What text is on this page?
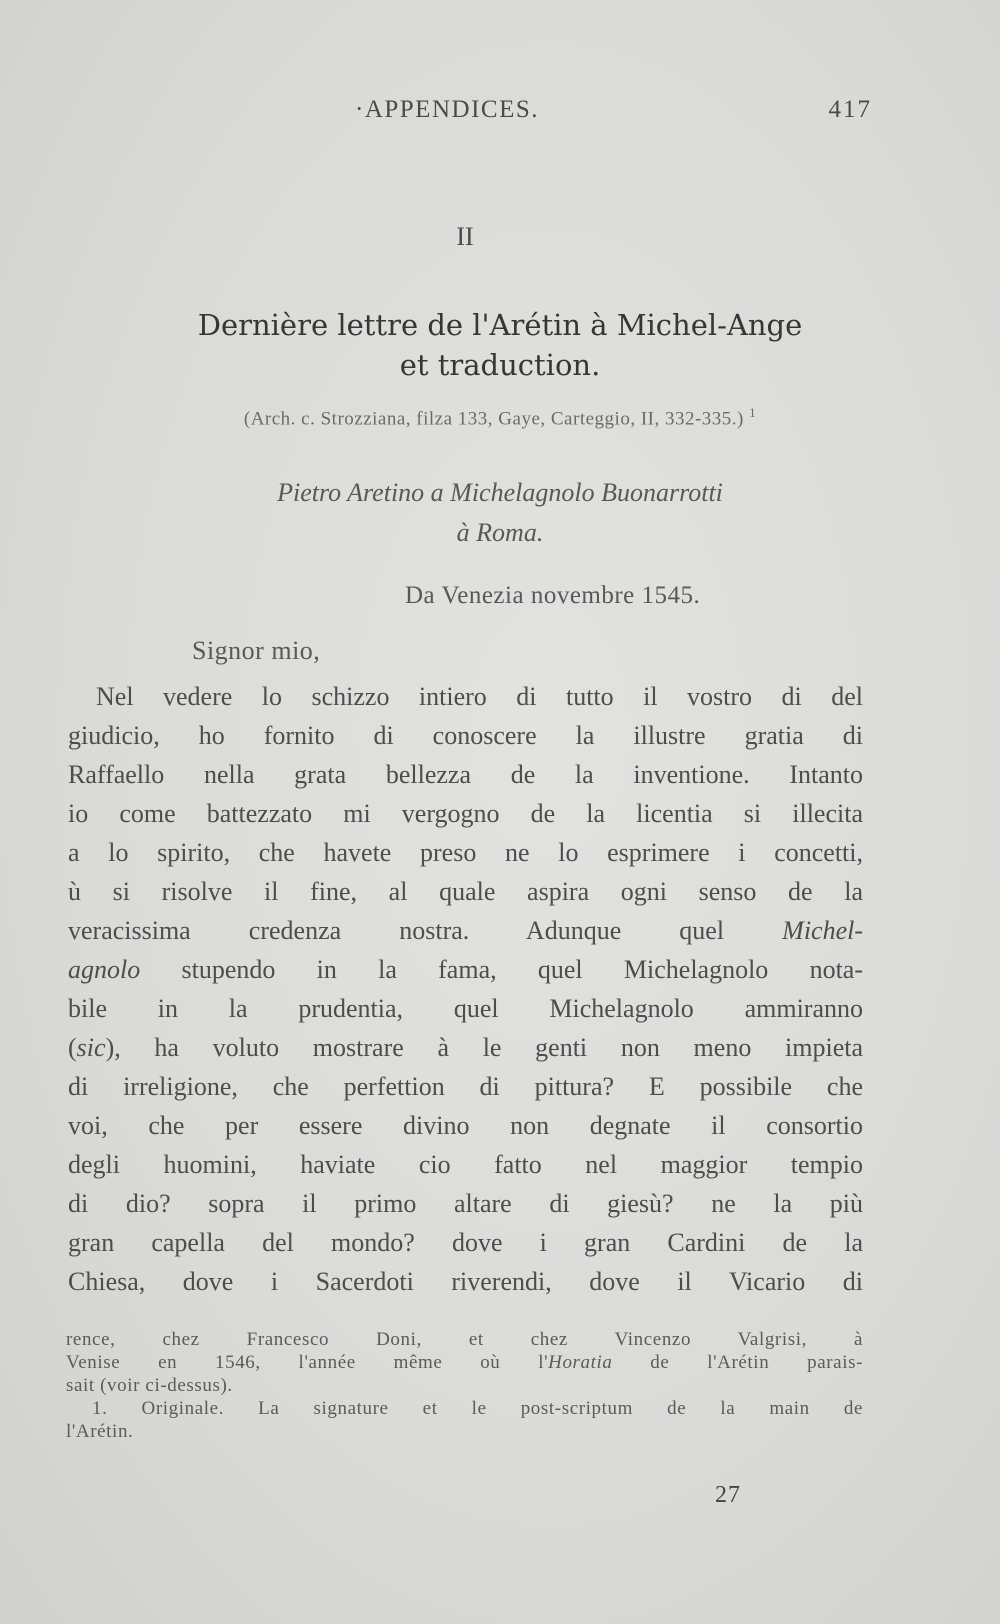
·APPENDICES.	417
II
Dernière lettre de l'Arétin à Michel-Ange
et traduction.
(Arch. c. Strozziana, filza 133, Gaye, Carteggio, II, 332-335.) $^1$
Pietro Aretino a Michelagnolo Buonarrotti
à Roma.
Da Venezia novembre 1545.
Signor mio,
Nel vedere lo schizzo intiero di tutto il vostro di del
giudicio, ho fornito di conoscere la illustre gratia di
Raffaello nella grata bellezza de la inventione. Intanto
io come battezzato mi vergogno de la licentia si illecita
a lo spirito, che havete preso ne lo esprimere i concetti,
ù si risolve il fine, al quale aspira ogni senso de la
veracissima credenza nostra. Adunque quel Michel-
agnolo stupendo in la fama, quel Michelagnolo nota-
bile in la prudentia, quel Michelagnolo ammiranno
(sic), ha voluto mostrare à le genti non meno impieta
di irreligione, che perfettion di pittura? E possibile che
voi, che per essere divino non degnate il consortio
degli huomini, haviate cio fatto nel maggior tempio
di dio? sopra il primo altare di giesù? ne la più
gran capella del mondo? dove i gran Cardini de la
Chiesa, dove i Sacerdoti riverendi, dove il Vicario di
rence, chez Francesco Doni, et chez Vincenzo Valgrisi, à
Venise en 1546, l'année même où l'Horatia de l'Arétin parais-
sait (voir ci-dessus).
1. Originale. La signature et le post-scriptum de la main de
l'Arétin.
27
